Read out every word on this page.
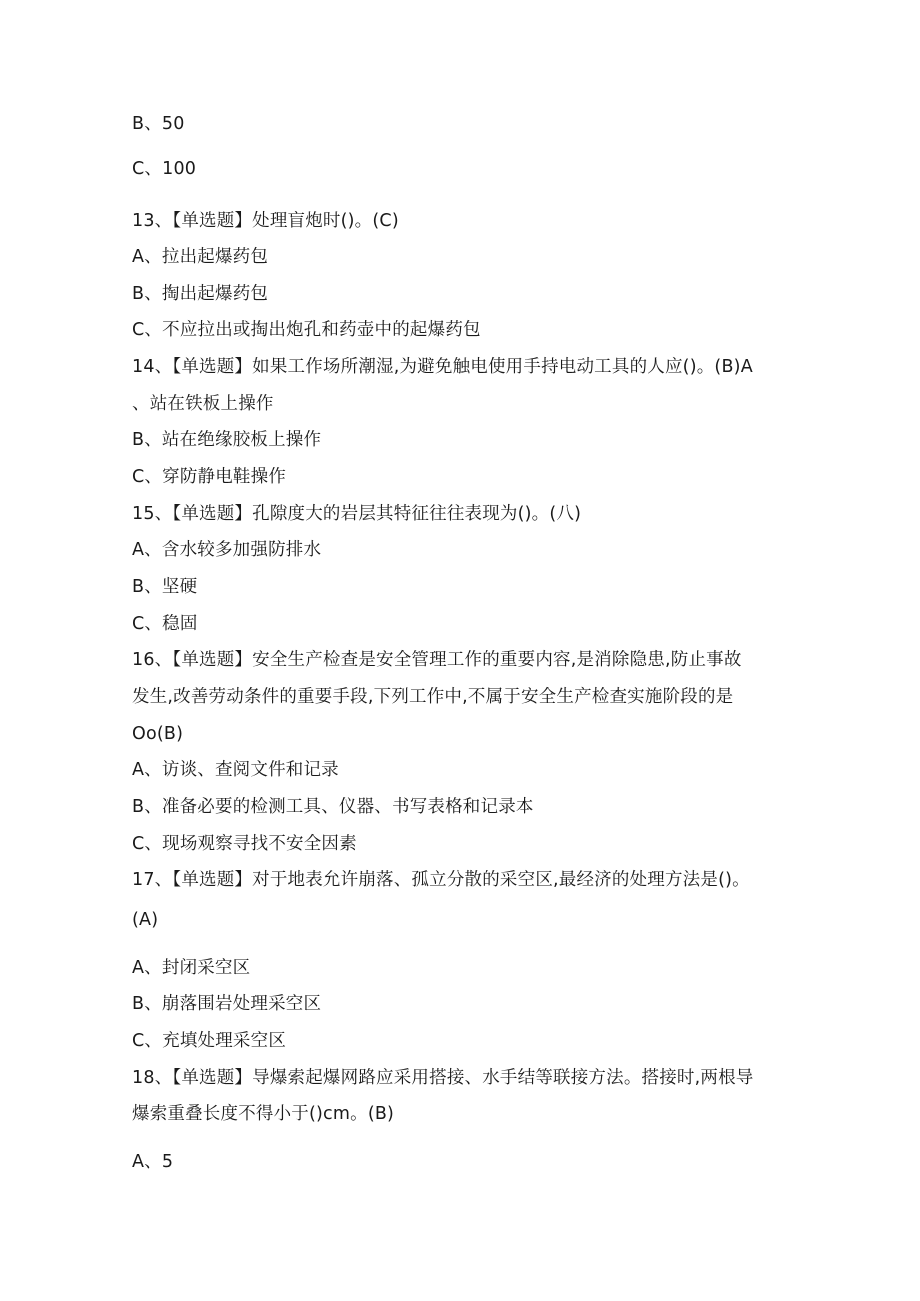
B、50
C、100
13、【单选题】处理盲炮时()。(C)
A、拉出起爆药包
B、掏出起爆药包
C、不应拉出或掏出炮孔和药壶中的起爆药包
14、【单选题】如果工作场所潮湿,为避免触电使用手持电动工具的人应()。(B)A
、站在铁板上操作
B、站在绝缘胶板上操作
C、穿防静电鞋操作
15、【单选题】孔隙度大的岩层其特征往往表现为()。(八)
A、含水较多加强防排水
B、坚硬
C、稳固
16、【单选题】安全生产检查是安全管理工作的重要内容,是消除隐患,防止事故
发生,改善劳动条件的重要手段,下列工作中,不属于安全生产检查实施阶段的是
Oo(B)
A、访谈、查阅文件和记录
B、准备必要的检测工具、仪器、书写表格和记录本
C、现场观察寻找不安全因素
17、【单选题】对于地表允许崩落、孤立分散的采空区,最经济的处理方法是()。
(A)
A、封闭采空区
B、崩落围岩处理采空区
C、充填处理采空区
18、【单选题】导爆索起爆网路应采用搭接、水手结等联接方法。搭接时,两根导
爆索重叠长度不得小于()cm。(B)
A、5
